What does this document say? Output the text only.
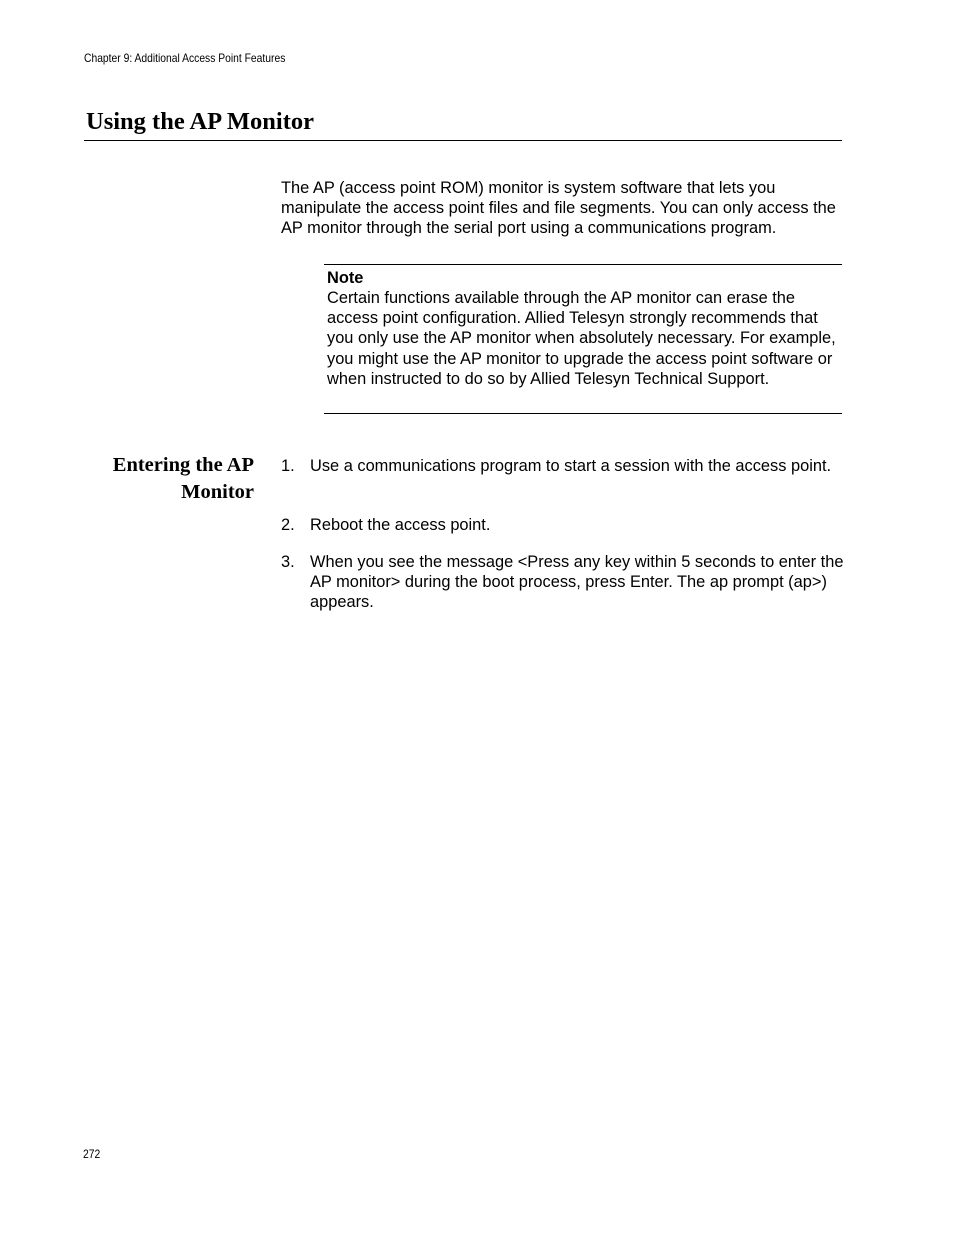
Chapter 9: Additional Access Point Features
Using the AP Monitor

The AP (access point ROM) monitor is system software that lets you manipulate the access point files and file segments. You can only access the AP monitor through the serial port using a communications program.

Note

Certain functions available through the AP monitor can erase the access point configuration. Allied Telesyn strongly recommends that you only use the AP monitor when absolutely necessary. For example, you might use the AP monitor to upgrade the access point software or when instructed to do so by Allied Telesyn Technical Support.

Entering the AP Monitor
1. Use a communications program to start a session with the access point.
2. Reboot the access point.
3. When you see the message <Press any key within 5 seconds to enter the AP monitor> during the boot process, press Enter. The ap prompt (ap>) appears.
272
